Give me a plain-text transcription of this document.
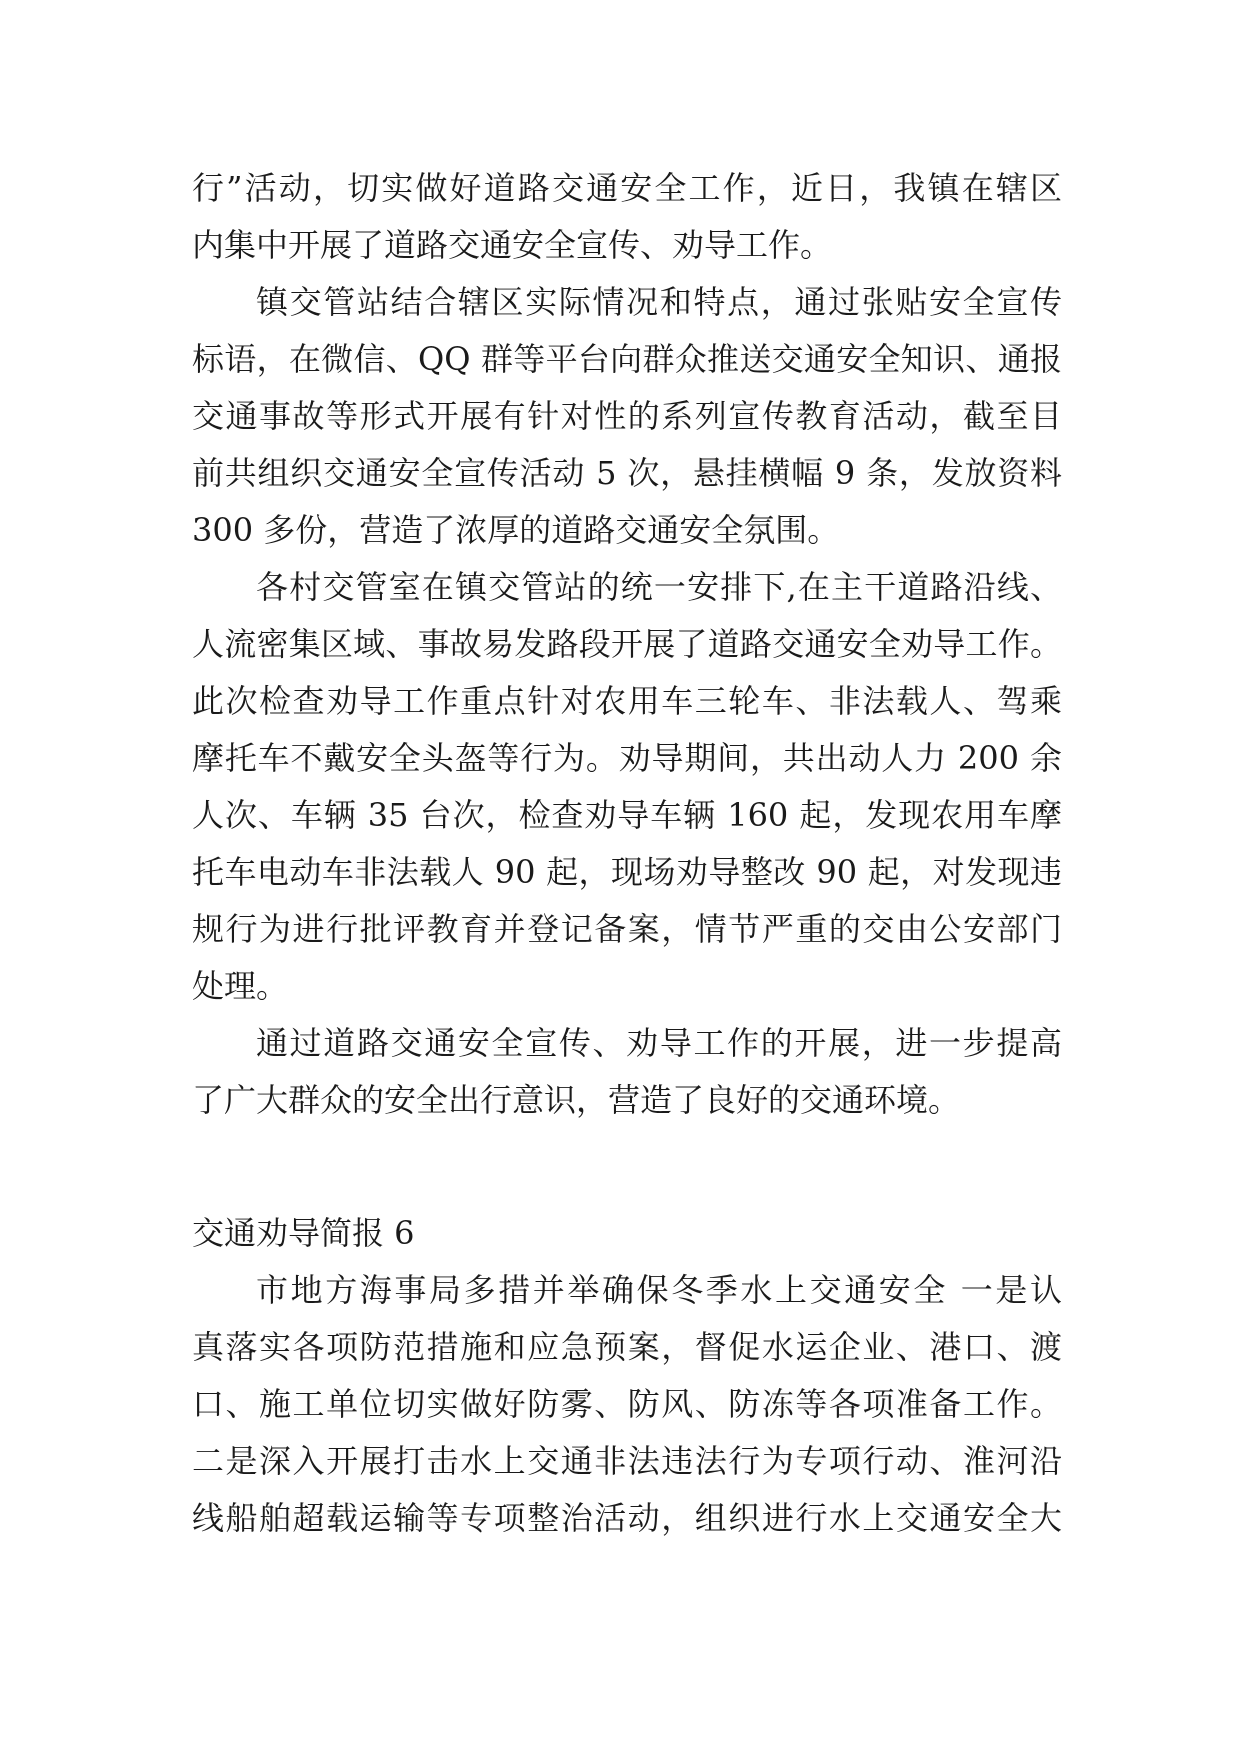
行”活动，切实做好道路交通安全工作，近日，我镇在辖区
内集中开展了道路交通安全宣传、劝导工作。
镇交管站结合辖区实际情况和特点，通过张贴安全宣传
标语，在微信、QQ 群等平台向群众推送交通安全知识、通报
交通事故等形式开展有针对性的系列宣传教育活动，截至目
前共组织交通安全宣传活动 5 次，悬挂横幅 9 条，发放资料
300 多份，营造了浓厚的道路交通安全氛围。
各村交管室在镇交管站的统一安排下,在主干道路沿线、
人流密集区域、事故易发路段开展了道路交通安全劝导工作。
此次检查劝导工作重点针对农用车三轮车、非法载人、驾乘
摩托车不戴安全头盔等行为。劝导期间，共出动人力 200 余
人次、车辆 35 台次，检查劝导车辆 160 起，发现农用车摩
托车电动车非法载人 90 起，现场劝导整改 90 起，对发现违
规行为进行批评教育并登记备案，情节严重的交由公安部门
处理。
通过道路交通安全宣传、劝导工作的开展，进一步提高
了广大群众的安全出行意识，营造了良好的交通环境。
交通劝导简报 6
市地方海事局多措并举确保冬季水上交通安全 一是认
真落实各项防范措施和应急预案，督促水运企业、港口、渡
口、施工单位切实做好防雾、防风、防冻等各项准备工作。
二是深入开展打击水上交通非法违法行为专项行动、淮河沿
线船舶超载运输等专项整治活动，组织进行水上交通安全大
